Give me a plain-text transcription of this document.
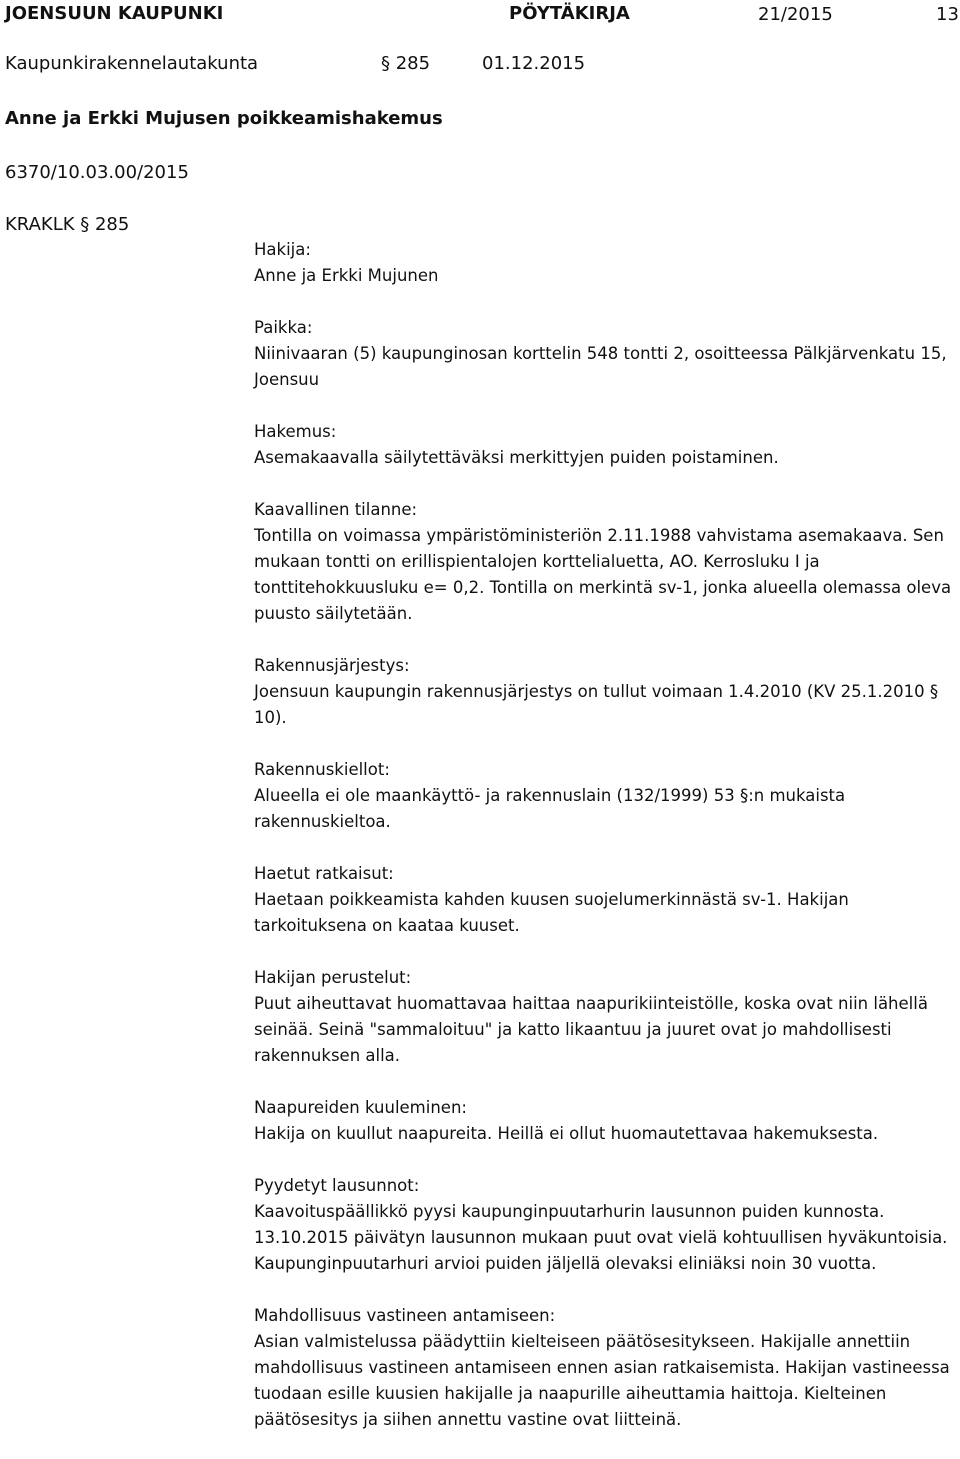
JOENSUUN KAUPUNKI	PÖYTÄKIRJA	21/2015	13
Kaupunkirakennelautakunta	§ 285	01.12.2015
Anne ja Erkki Mujusen poikkeamishakemus
6370/10.03.00/2015
KRAKLK § 285
Hakija:
Anne ja Erkki Mujunen
Paikka:
Niinivaaran (5) kaupunginosan korttelin 548 tontti 2, osoitteessa Pälkjärvenkatu 15, Joensuu
Hakemus:
Asemakaavalla säilytettäväksi merkittyjen puiden poistaminen.
Kaavallinen tilanne:
Tontilla on voimassa ympäristöministeriön 2.11.1988 vahvistama asemakaava. Sen mukaan tontti on erillispientalojen korttelialuetta, AO. Kerrosluku I ja tonttitehokkuusluku e= 0,2. Tontilla on merkintä sv-1, jonka alueella olemassa oleva puusto säilytetään.
Rakennusjärjestys:
Joensuun kaupungin rakennusjärjestys on tullut voimaan 1.4.2010 (KV 25.1.2010 § 10).
Rakennuskiellot:
Alueella ei ole maankäyttö- ja rakennuslain (132/1999) 53 §:n mukaista rakennuskieltoa.
Haetut ratkaisut:
Haetaan poikkeamista kahden kuusen suojelumerkinnästä sv-1. Hakijan tarkoituksena on kaataa kuuset.
Hakijan perustelut:
Puut aiheuttavat huomattavaa haittaa naapurikiinteistölle, koska ovat niin lähellä seinää. Seinä "sammaloituu" ja katto likaantuu ja juuret ovat jo mahdollisesti rakennuksen alla.
Naapureiden kuuleminen:
Hakija on kuullut naapureita. Heillä ei ollut huomautettavaa hakemuksesta.
Pyydetyt lausunnot:
Kaavoituspäällikkö pyysi kaupunginpuutarhurin lausunnon puiden kunnosta. 13.10.2015 päivätyn lausunnon mukaan puut ovat vielä kohtuullisen hyväkuntoisia. Kaupunginpuutarhuri arvioi puiden jäljellä olevaksi eliniäksi noin 30 vuotta.
Mahdollisuus vastineen antamiseen:
Asian valmistelussa päädyttiin kielteiseen päätösesitykseen. Hakijalle annettiin mahdollisuus vastineen antamiseen ennen asian ratkaisemista. Hakijan vastineessa tuodaan esille kuusien hakijalle ja naapurille aiheuttamia haittoja. Kielteinen päätösesitys ja siihen annettu vastine ovat liitteinä.
